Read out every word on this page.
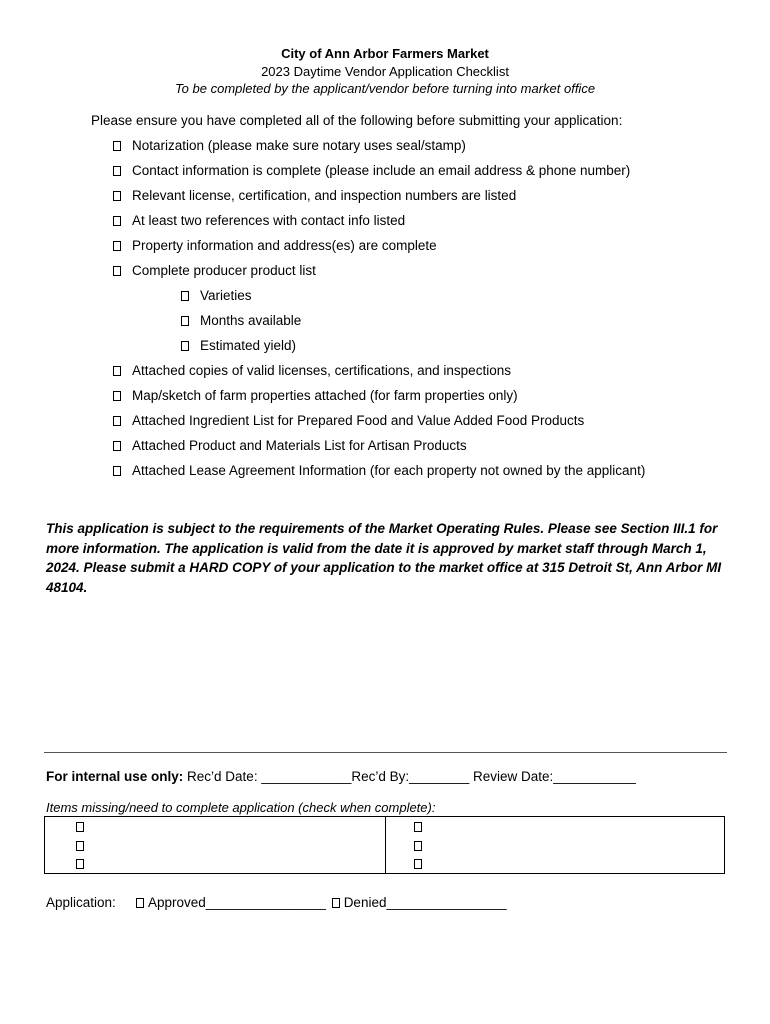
City of Ann Arbor Farmers Market
2023 Daytime Vendor Application Checklist
To be completed by the applicant/vendor before turning into market office
Please ensure you have completed all of the following before submitting your application:
Notarization (please make sure notary uses seal/stamp)
Contact information is complete (please include an email address & phone number)
Relevant license, certification, and inspection numbers are listed
At least two references with contact info listed
Property information and address(es) are complete
Complete producer product list
Varieties
Months available
Estimated yield)
Attached copies of valid licenses, certifications, and inspections
Map/sketch of farm properties attached (for farm properties only)
Attached Ingredient List for Prepared Food and Value Added Food Products
Attached Product and Materials List for Artisan Products
Attached Lease Agreement Information (for each property not owned by the applicant)
This application is subject to the requirements of the Market Operating Rules. Please see Section III.1 for more information. The application is valid from the date it is approved by market staff through March 1, 2024. Please submit a HARD COPY of your application to the market office at 315 Detroit St, Ann Arbor MI 48104.
For internal use only: Rec’d Date: ____________Rec’d By:________ Review Date:___________
Items missing/need to complete application (check when complete):

Application: Approved________________ Denied________________
